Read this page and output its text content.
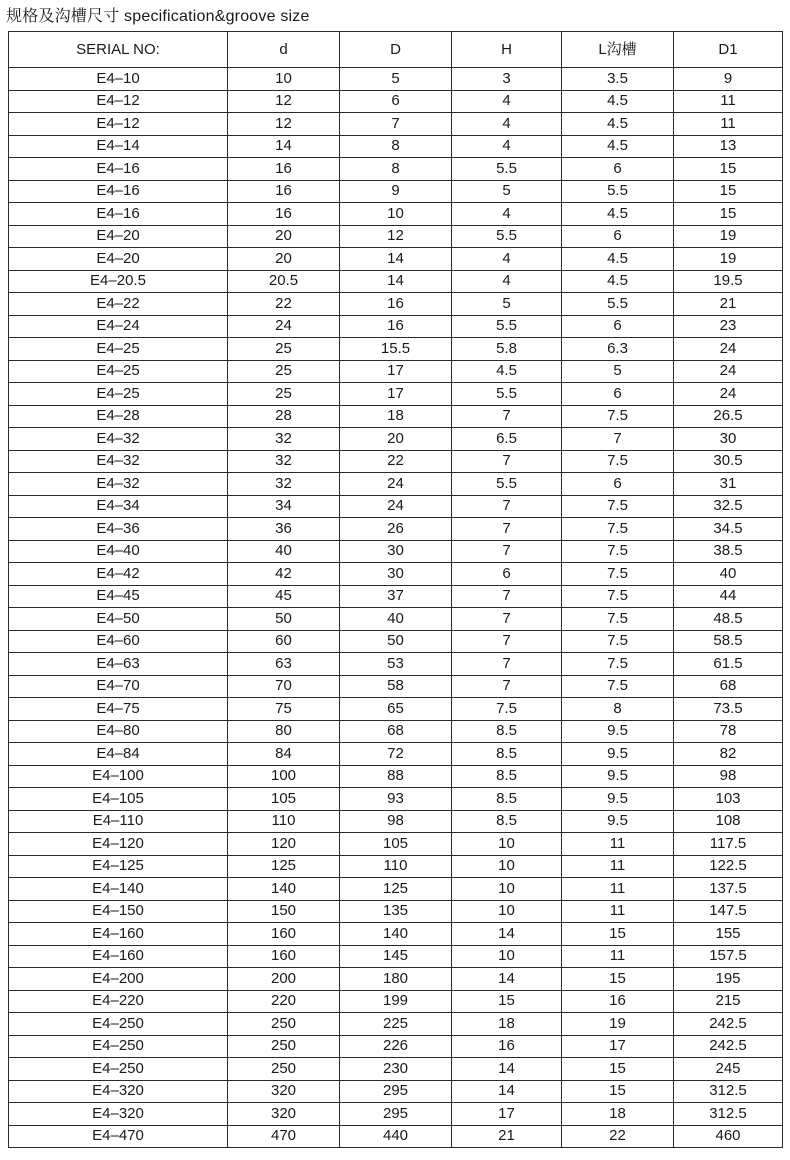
规格及沟槽尺寸 specification&groove size
SERIAL NO:	d	D	H	L沟槽	D1
E4–10	10	5	3	3.5	9
E4–12	12	6	4	4.5	11
E4–12	12	7	4	4.5	11
E4–14	14	8	4	4.5	13
E4–16	16	8	5.5	6	15
E4–16	16	9	5	5.5	15
E4–16	16	10	4	4.5	15
E4–20	20	12	5.5	6	19
E4–20	20	14	4	4.5	19
E4–20.5	20.5	14	4	4.5	19.5
E4–22	22	16	5	5.5	21
E4–24	24	16	5.5	6	23
E4–25	25	15.5	5.8	6.3	24
E4–25	25	17	4.5	5	24
E4–25	25	17	5.5	6	24
E4–28	28	18	7	7.5	26.5
E4–32	32	20	6.5	7	30
E4–32	32	22	7	7.5	30.5
E4–32	32	24	5.5	6	31
E4–34	34	24	7	7.5	32.5
E4–36	36	26	7	7.5	34.5
E4–40	40	30	7	7.5	38.5
E4–42	42	30	6	7.5	40
E4–45	45	37	7	7.5	44
E4–50	50	40	7	7.5	48.5
E4–60	60	50	7	7.5	58.5
E4–63	63	53	7	7.5	61.5
E4–70	70	58	7	7.5	68
E4–75	75	65	7.5	8	73.5
E4–80	80	68	8.5	9.5	78
E4–84	84	72	8.5	9.5	82
E4–100	100	88	8.5	9.5	98
E4–105	105	93	8.5	9.5	103
E4–110	110	98	8.5	9.5	108
E4–120	120	105	10	11	117.5
E4–125	125	110	10	11	122.5
E4–140	140	125	10	11	137.5
E4–150	150	135	10	11	147.5
E4–160	160	140	14	15	155
E4–160	160	145	10	11	157.5
E4–200	200	180	14	15	195
E4–220	220	199	15	16	215
E4–250	250	225	18	19	242.5
E4–250	250	226	16	17	242.5
E4–250	250	230	14	15	245
E4–320	320	295	14	15	312.5
E4–320	320	295	17	18	312.5
E4–470	470	440	21	22	460
